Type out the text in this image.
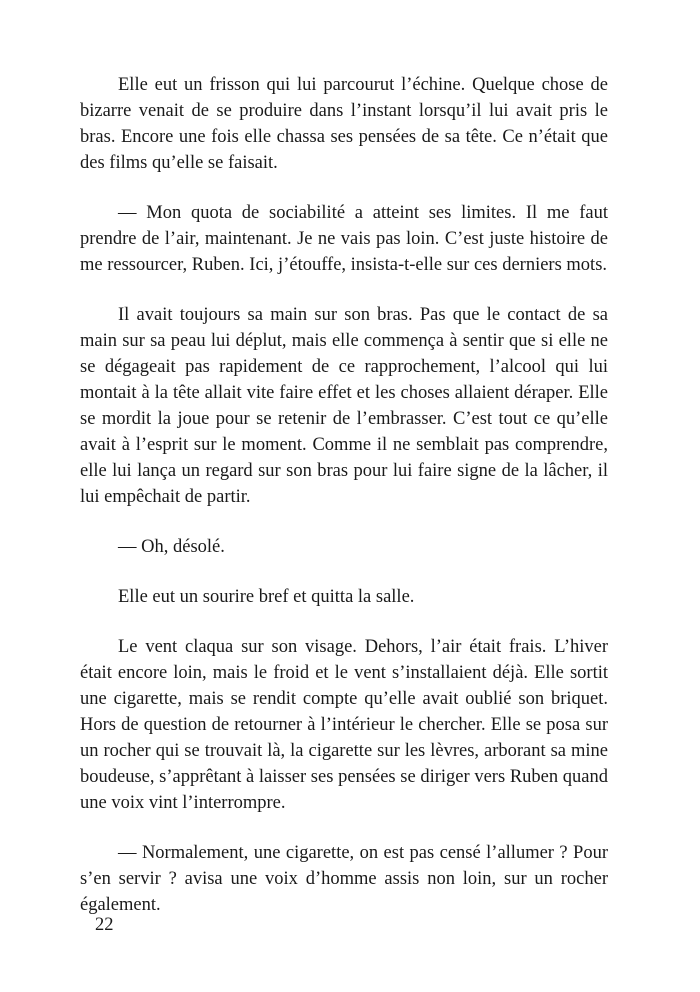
Elle eut un frisson qui lui parcourut l’échine. Quelque chose de bizarre venait de se produire dans l’instant lorsqu’il lui avait pris le bras. Encore une fois elle chassa ses pensées de sa tête. Ce n’était que des films qu’elle se faisait.

— Mon quota de sociabilité a atteint ses limites. Il me faut prendre de l’air, maintenant. Je ne vais pas loin. C’est juste histoire de me ressourcer, Ruben. Ici, j’étouffe, insista-t-elle sur ces derniers mots.

Il avait toujours sa main sur son bras. Pas que le contact de sa main sur sa peau lui déplut, mais elle commença à sentir que si elle ne se dégageait pas rapidement de ce rapprochement, l’alcool qui lui montait à la tête allait vite faire effet et les choses allaient déraper. Elle se mordit la joue pour se retenir de l’embrasser. C’est tout ce qu’elle avait à l’esprit sur le moment. Comme il ne semblait pas comprendre, elle lui lança un regard sur son bras pour lui faire signe de la lâcher, il lui empêchait de partir.

— Oh, désolé.

Elle eut un sourire bref et quitta la salle.

Le vent claqua sur son visage. Dehors, l’air était frais. L’hiver était encore loin, mais le froid et le vent s’installaient déjà. Elle sortit une cigarette, mais se rendit compte qu’elle avait oublié son briquet. Hors de question de retourner à l’intérieur le chercher. Elle se posa sur un rocher qui se trouvait là, la cigarette sur les lèvres, arborant sa mine boudeuse, s’apprêtant à laisser ses pensées se diriger vers Ruben quand une voix vint l’interrompre.

— Normalement, une cigarette, on est pas censé l’allumer ? Pour s’en servir ? avisa une voix d’homme assis non loin, sur un rocher également.

22
